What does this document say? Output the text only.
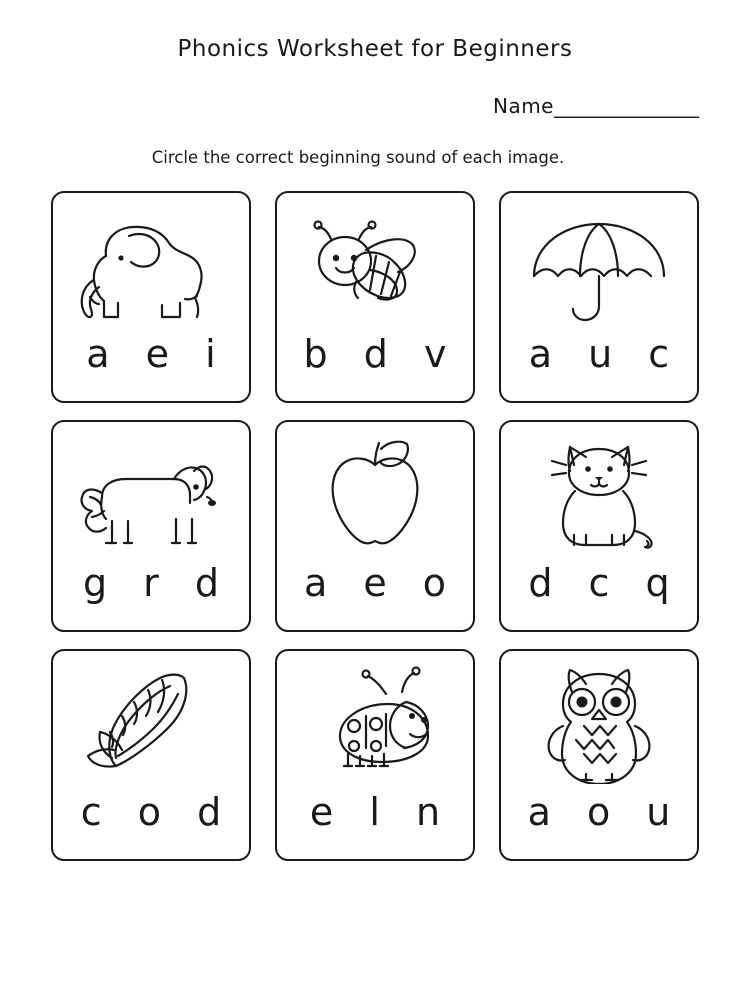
Phonics Worksheet for Beginners
Name________________
Circle the correct beginning sound of each image.
a e i	b d v	a u c
g r d	a e o	d c q
c o d	e l n	a o u
